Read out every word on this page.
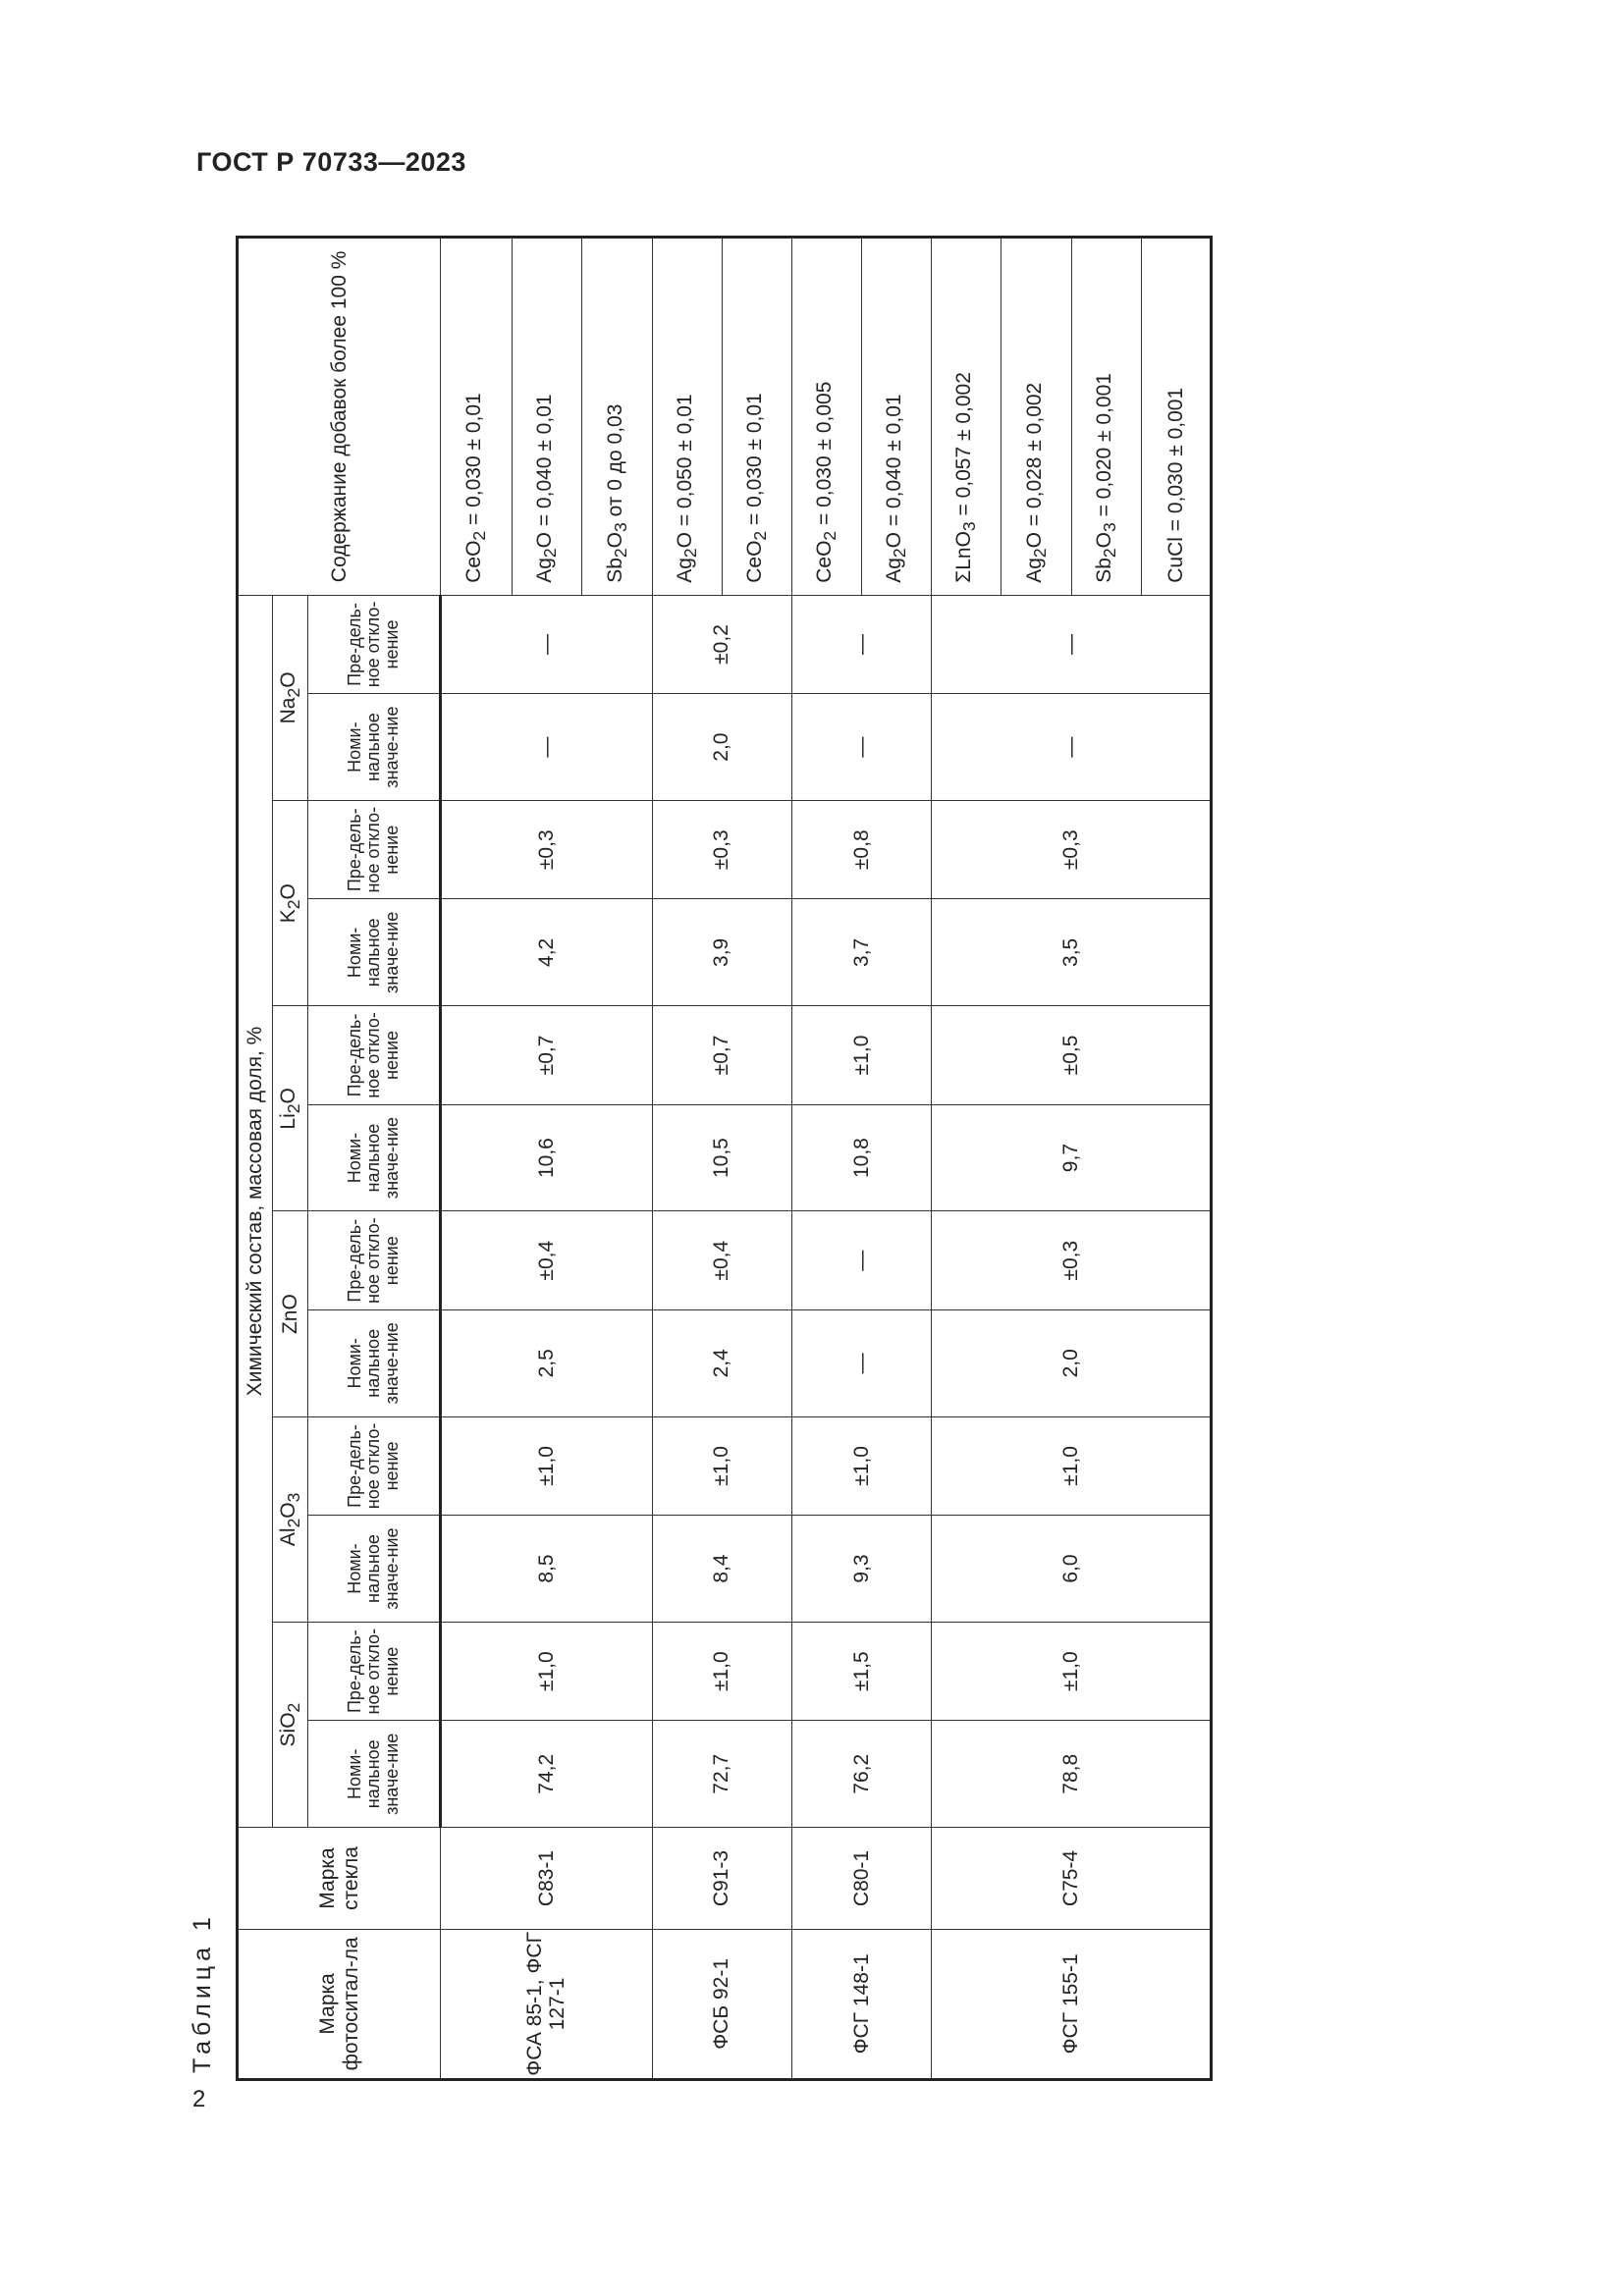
ГОСТ Р 70733—2023
2
Таблица 1	Марка фотоситал-ла	Марка стекла	Химический состав, массовая доля, %												Содержание добавок более 100 %
		SiO$_2$		$Al_2O_3$		ZnO		$Li_2O$		$K_2O$		$Na_2O$		
		Номи-нальное значе-ние	Пре-дель-ное откло-нение	Номи-нальное значе-ние	Пре-дель-ное откло-нение	Номи-нальное значе-ние	Пре-дель-ное откло-нение	Номи-нальное значе-ние	Пре-дель-ное откло-нение	Номи-нальное значе-ние	Пре-дель-ное откло-нение	Номи-нальное значе-ние	Пре-дель-ное откло-нение	
ФСА 85-1, ФСГ 127-1	С83-1	74,2	±1,0	8,5	±1,0	2,5	±0,4	10,6	±0,7	4,2	±0,3	—	—	CeO$_2$ = 0,030 ± 0,01
														$Ag_2O = 0,040 \pm 0,01$
														$Sb_2O_3$ от 0 до 0,03
ФСБ 92-1	С91-3	72,7	±1,0	8,4	±1,0	2,4	±0,4	10,5	±0,7	3,9	±0,3	2,0	±0,2	$Ag_2O = 0,050 \pm 0,01$
														CeO$_2$ = 0,030 ± 0,01
ФСГ 148-1	С80-1	76,2	±1,5	9,3	±1,0	—	—	10,8	±1,0	3,7	±0,8	—	—	CeO$_2$ = 0,030 ± 0,005
														$Ag_2O = 0,040 \pm 0,01$
ФСГ 155-1	С75-4	78,8	±1,0	6,0	±1,0	2,0	±0,3	9,7	±0,5	3,5	±0,3	—	—	ΣLnO$_3$ = 0,057 ± 0,002
														$Ag_2O = 0,028 \pm 0,002$
														$Sb_2O_3 = 0,020 \pm 0,001$
														CuCl = 0,030 ± 0,001
